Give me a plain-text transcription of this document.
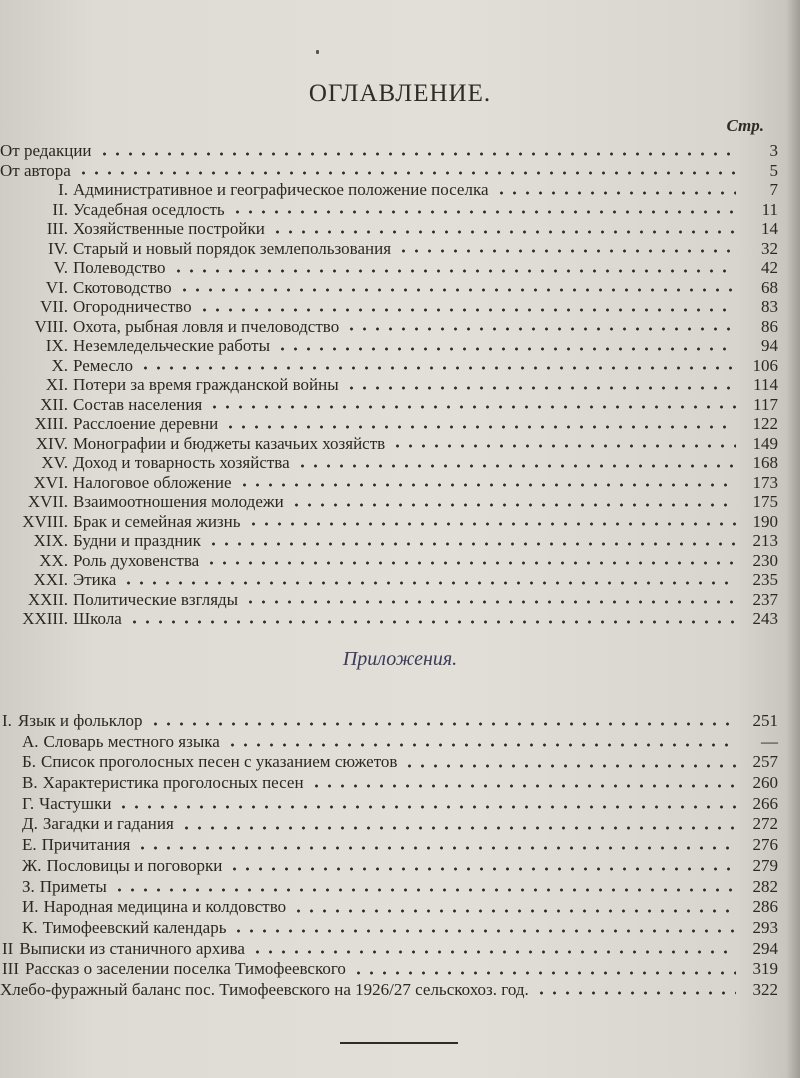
ОГЛАВЛЕНИЕ.
Стр.
От редакции	3
От автора	5
I. Административное и географическое положение поселка	7
II. Усадебная оседлость	11
III. Хозяйственные постройки	14
IV. Старый и новый порядок землепользования	32
V. Полеводство	42
VI. Скотоводство	68
VII. Огородничество	83
VIII. Охота, рыбная ловля и пчеловодство	86
IX. Неземледельческие работы	94
X. Ремесло	106
XI. Потери за время гражданской войны	114
XII. Состав населения	117
XIII. Расслоение деревни	122
XIV. Монографии и бюджеты казачьих хозяйств	149
XV. Доход и товарность хозяйства	168
XVI. Налоговое обложение	173
XVII. Взаимоотношения молодежи	175
XVIII. Брак и семейная жизнь	190
XIX. Будни и праздник	213
XX. Роль духовенства	230
XXI. Этика	235
XXII. Политические взгляды	237
XXIII. Школа	243
Приложения.
I. Язык и фольклор	251
А. Словарь местного языка	—
Б. Список проголосных песен с указанием сюжетов	257
В. Характеристика проголосных песен	260
Г. Частушки	266
Д. Загадки и гадания	272
Е. Причитания	276
Ж. Пословицы и поговорки	279
З. Приметы	282
И. Народная медицина и колдовство	286
К. Тимофеевский календарь	293
II Выписки из станичного архива	294
III Рассказ о заселении поселка Тимофеевского	319
Хлебо-фуражный баланс пос. Тимофеевского на 1926/27 сельскохоз. год.	322
